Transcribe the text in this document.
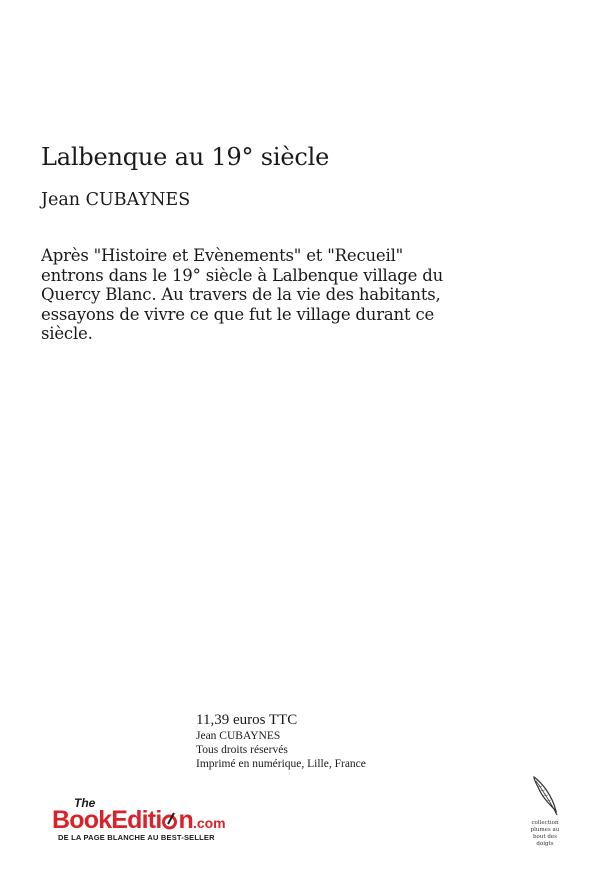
Lalbenque au 19° siècle
Jean CUBAYNES

Après "Histoire et Evènements" et "Recueil" entrons dans le 19° siècle à Lalbenque village du Quercy Blanc. Au travers de la vie des habitants, essayons de vivre ce que fut le village durant ce siècle.

11,39 euros TTC
Jean CUBAYNES
Tous droits réservés
Imprimé en numérique, Lille, France
The
BookEditi n.com
DE LA PAGE BLANCHE AU BEST-SELLER
collection
plumes au
bout des
doigts
